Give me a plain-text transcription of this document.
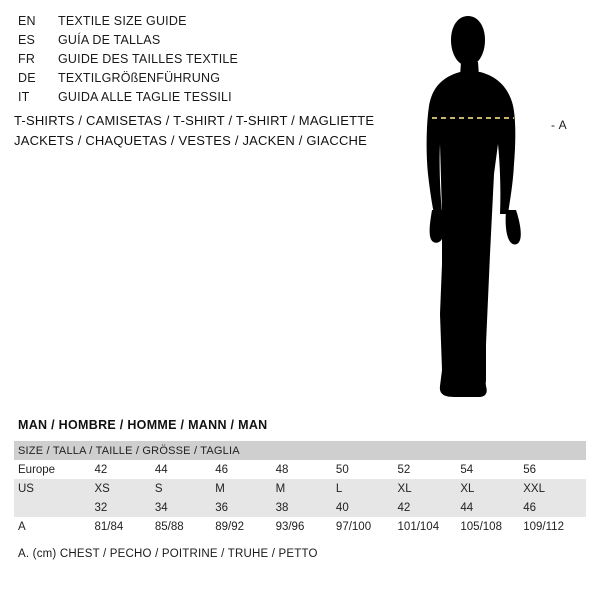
EN	TEXTILE SIZE GUIDE
ES	GUÍA DE TALLAS
FR	GUIDE DES TAILLES TEXTILE
DE	TEXTILGRÖßENFÜHRUNG
IT	GUIDA ALLE TAGLIE TESSILI
T-SHIRTS / CAMISETAS / T-SHIRT / T-SHIRT / MAGLIETTE
JACKETS / CHAQUETAS / VESTES / JACKEN / GIACCHE
- A
MAN / HOMBRE / HOMME / MANN / MAN
SIZE / TALLA / TAILLE / GRÖSSE / TAGLIA								
Europe	42	44	46	48	50	52	54	56
US	XS	S	M	M	L	XL	XL	XXL
	32	34	36	38	40	42	44	46
A	81/84	85/88	89/92	93/96	97/100	101/104	105/108	109/112
A. (cm) CHEST / PECHO / POITRINE / TRUHE / PETTO
